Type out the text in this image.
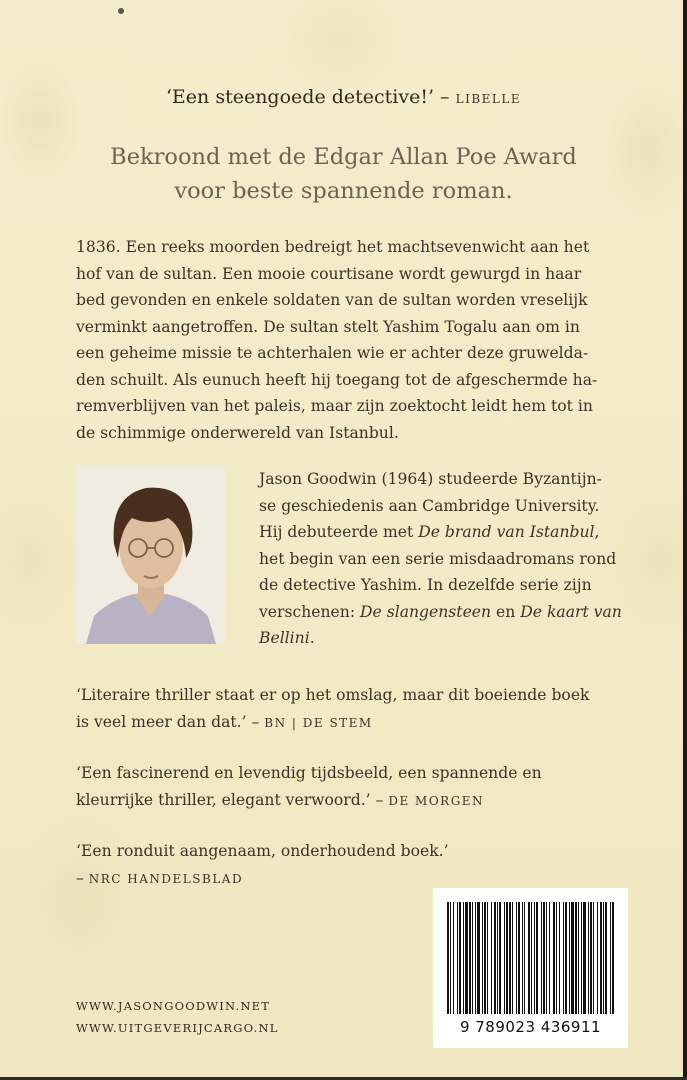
‘Een steengoede detective!’ – LIBELLE
Bekroond met de Edgar Allan Poe Award
voor beste spannende roman.
1836. Een reeks moorden bedreigt het machtsevenwicht aan het
hof van de sultan. Een mooie courtisane wordt gewurgd in haar
bed gevonden en enkele soldaten van de sultan worden vreselijk
verminkt aangetroffen. De sultan stelt Yashim Togalu aan om in
een geheime missie te achterhalen wie er achter deze gruwelda-
den schuilt. Als eunuch heeft hij toegang tot de afgeschermde ha-
remverblijven van het paleis, maar zijn zoektocht leidt hem tot in
de schimmige onderwereld van Istanbul.
Jason Goodwin (1964) studeerde Byzantijn-
se geschiedenis aan Cambridge University.
Hij debuteerde met De brand van Istanbul,
het begin van een serie misdaadromans rond
de detective Yashim. In dezelfde serie zijn
verschenen: De slangensteen en De kaart van
Bellini.
‘Literaire thriller staat er op het omslag, maar dit boeiende boek
is veel meer dan dat.’ – BN | DE STEM
‘Een fascinerend en levendig tijdsbeeld, een spannende en
kleurrijke thriller, elegant verwoord.’ – DE MORGEN
‘Een ronduit aangenaam, onderhoudend boek.’
– NRC HANDELSBLAD
WWW.JASONGOODWIN.NET
WWW.UITGEVERIJCARGO.NL	9 789023 436911
